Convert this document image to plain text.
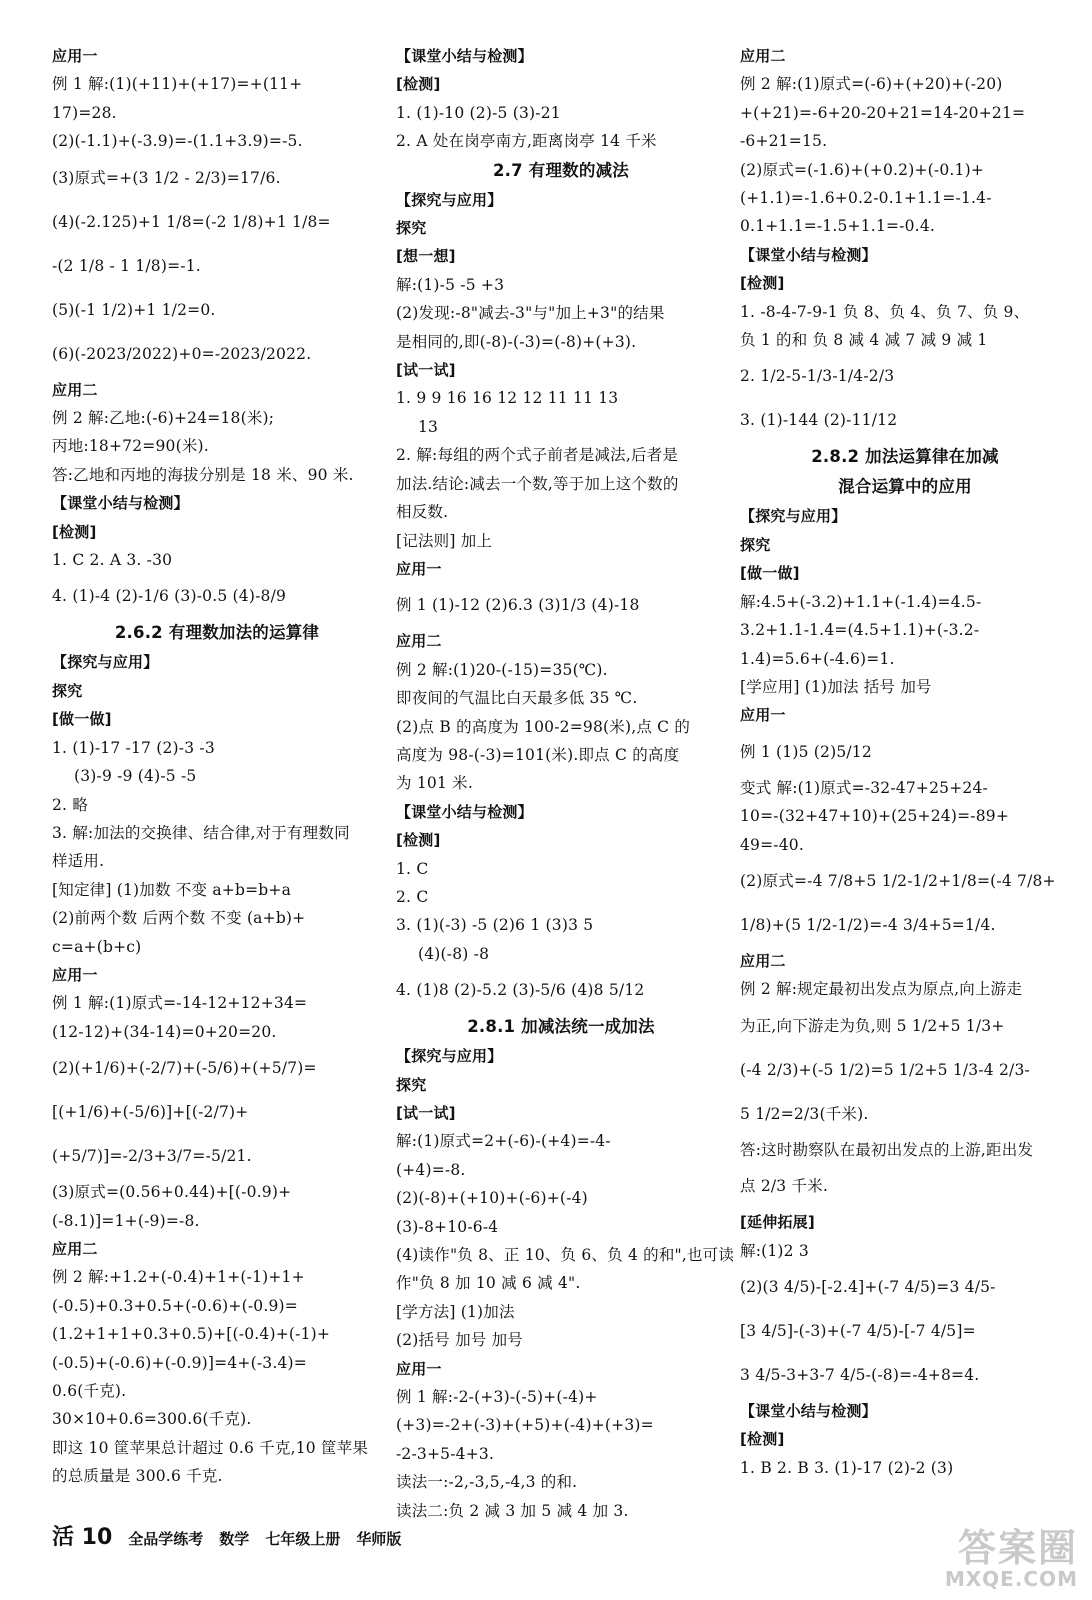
应用一
例 1 解:(1)(+11)+(+17)=+(11+
17)=28.
(2)(-1.1)+(-3.9)=-(1.1+3.9)=-5.
(3)原式=+(3 1/2 - 2/3)=17/6.
(4)(-2.125)+1 1/8=(-2 1/8)+1 1/8=
-(2 1/8 - 1 1/8)=-1.
(5)(-1 1/2)+1 1/2=0.
(6)(-2023/2022)+0=-2023/2022.
应用二
例 2 解:乙地:(-6)+24=18(米);
丙地:18+72=90(米).
答:乙地和丙地的海拔分别是 18 米、90 米.
【课堂小结与检测】
[检测]
1. C 2. A 3. -30
4. (1)-4 (2)-1/6 (3)-0.5 (4)-8/9
2.6.2 有理数加法的运算律
【探究与应用】
探究
[做一做]
1. (1)-17 -17 (2)-3 -3
(3)-9 -9 (4)-5 -5
2. 略
3. 解:加法的交换律、结合律,对于有理数同
样适用.
[知定律] (1)加数 不变 a+b=b+a
(2)前两个数 后两个数 不变 (a+b)+
c=a+(b+c)
应用一
例 1 解:(1)原式=-14-12+12+34=
(12-12)+(34-14)=0+20=20.
(2)(+1/6)+(-2/7)+(-5/6)+(+5/7)=
[(+1/6)+(-5/6)]+[(-2/7)+
(+5/7)]=-2/3+3/7=-5/21.
(3)原式=(0.56+0.44)+[(-0.9)+
(-8.1)]=1+(-9)=-8.
应用二
例 2 解:+1.2+(-0.4)+1+(-1)+1+
(-0.5)+0.3+0.5+(-0.6)+(-0.9)=
(1.2+1+1+0.3+0.5)+[(-0.4)+(-1)+
(-0.5)+(-0.6)+(-0.9)]=4+(-3.4)=
0.6(千克).
30×10+0.6=300.6(千克).
即这 10 筐苹果总计超过 0.6 千克,10 筐苹果
的总质量是 300.6 千克.
【课堂小结与检测】
[检测]
1. (1)-10 (2)-5 (3)-21
2. A 处在岗亭南方,距离岗亭 14 千米
2.7 有理数的减法
【探究与应用】
探究
[想一想]
解:(1)-5 -5 +3
(2)发现:-8"减去-3"与"加上+3"的结果
是相同的,即(-8)-(-3)=(-8)+(+3).
[试一试]
1. 9 9 16 16 12 12 11 11 13
13
2. 解:每组的两个式子前者是减法,后者是
加法.结论:减去一个数,等于加上这个数的
相反数.
[记法则] 加上
应用一
例 1 (1)-12 (2)6.3 (3)1/3 (4)-18
应用二
例 2 解:(1)20-(-15)=35(℃).
即夜间的气温比白天最多低 35 ℃.
(2)点 B 的高度为 100-2=98(米),点 C 的
高度为 98-(-3)=101(米).即点 C 的高度
为 101 米.
【课堂小结与检测】
[检测]
1. C
2. C
3. (1)(-3) -5 (2)6 1 (3)3 5
(4)(-8) -8
4. (1)8 (2)-5.2 (3)-5/6 (4)8 5/12
2.8.1 加减法统一成加法
【探究与应用】
探究
[试一试]
解:(1)原式=2+(-6)-(+4)=-4-
(+4)=-8.
(2)(-8)+(+10)+(-6)+(-4)
(3)-8+10-6-4
(4)读作"负 8、正 10、负 6、负 4 的和",也可读
作"负 8 加 10 减 6 减 4".
[学方法] (1)加法
(2)括号 加号 加号
应用一
例 1 解:-2-(+3)-(-5)+(-4)+
(+3)=-2+(-3)+(+5)+(-4)+(+3)=
-2-3+5-4+3.
读法一:-2,-3,5,-4,3 的和.
读法二:负 2 减 3 加 5 减 4 加 3.
应用二
例 2 解:(1)原式=(-6)+(+20)+(-20)
+(+21)=-6+20-20+21=14-20+21=
-6+21=15.
(2)原式=(-1.6)+(+0.2)+(-0.1)+
(+1.1)=-1.6+0.2-0.1+1.1=-1.4-
0.1+1.1=-1.5+1.1=-0.4.
【课堂小结与检测】
[检测]
1. -8-4-7-9-1 负 8、负 4、负 7、负 9、
负 1 的和 负 8 减 4 减 7 减 9 减 1
2. 1/2-5-1/3-1/4-2/3
3. (1)-144 (2)-11/12
2.8.2 加法运算律在加减
混合运算中的应用
【探究与应用】
探究
[做一做]
解:4.5+(-3.2)+1.1+(-1.4)=4.5-
3.2+1.1-1.4=(4.5+1.1)+(-3.2-
1.4)=5.6+(-4.6)=1.
[学应用] (1)加法 括号 加号
应用一
例 1 (1)5 (2)5/12
变式 解:(1)原式=-32-47+25+24-
10=-(32+47+10)+(25+24)=-89+
49=-40.
(2)原式=-4 7/8+5 1/2-1/2+1/8=(-4 7/8+
1/8)+(5 1/2-1/2)=-4 3/4+5=1/4.
应用二
例 2 解:规定最初出发点为原点,向上游走
为正,向下游走为负,则 5 1/2+5 1/3+
(-4 2/3)+(-5 1/2)=5 1/2+5 1/3-4 2/3-
5 1/2=2/3(千米).
答:这时勘察队在最初出发点的上游,距出发
点 2/3 千米.
[延伸拓展]
解:(1)2 3
(2)(3 4/5)-[-2.4]+(-7 4/5)=3 4/5-
[3 4/5]-(-3)+(-7 4/5)-[-7 4/5]=
3 4/5-3+3-7 4/5-(-8)=-4+8=4.
【课堂小结与检测】
[检测]
1. B 2. B 3. (1)-17 (2)-2 (3)
活 10 全品学练考 数学 七年级上册 华师版	答案圈
MXQE.COM
